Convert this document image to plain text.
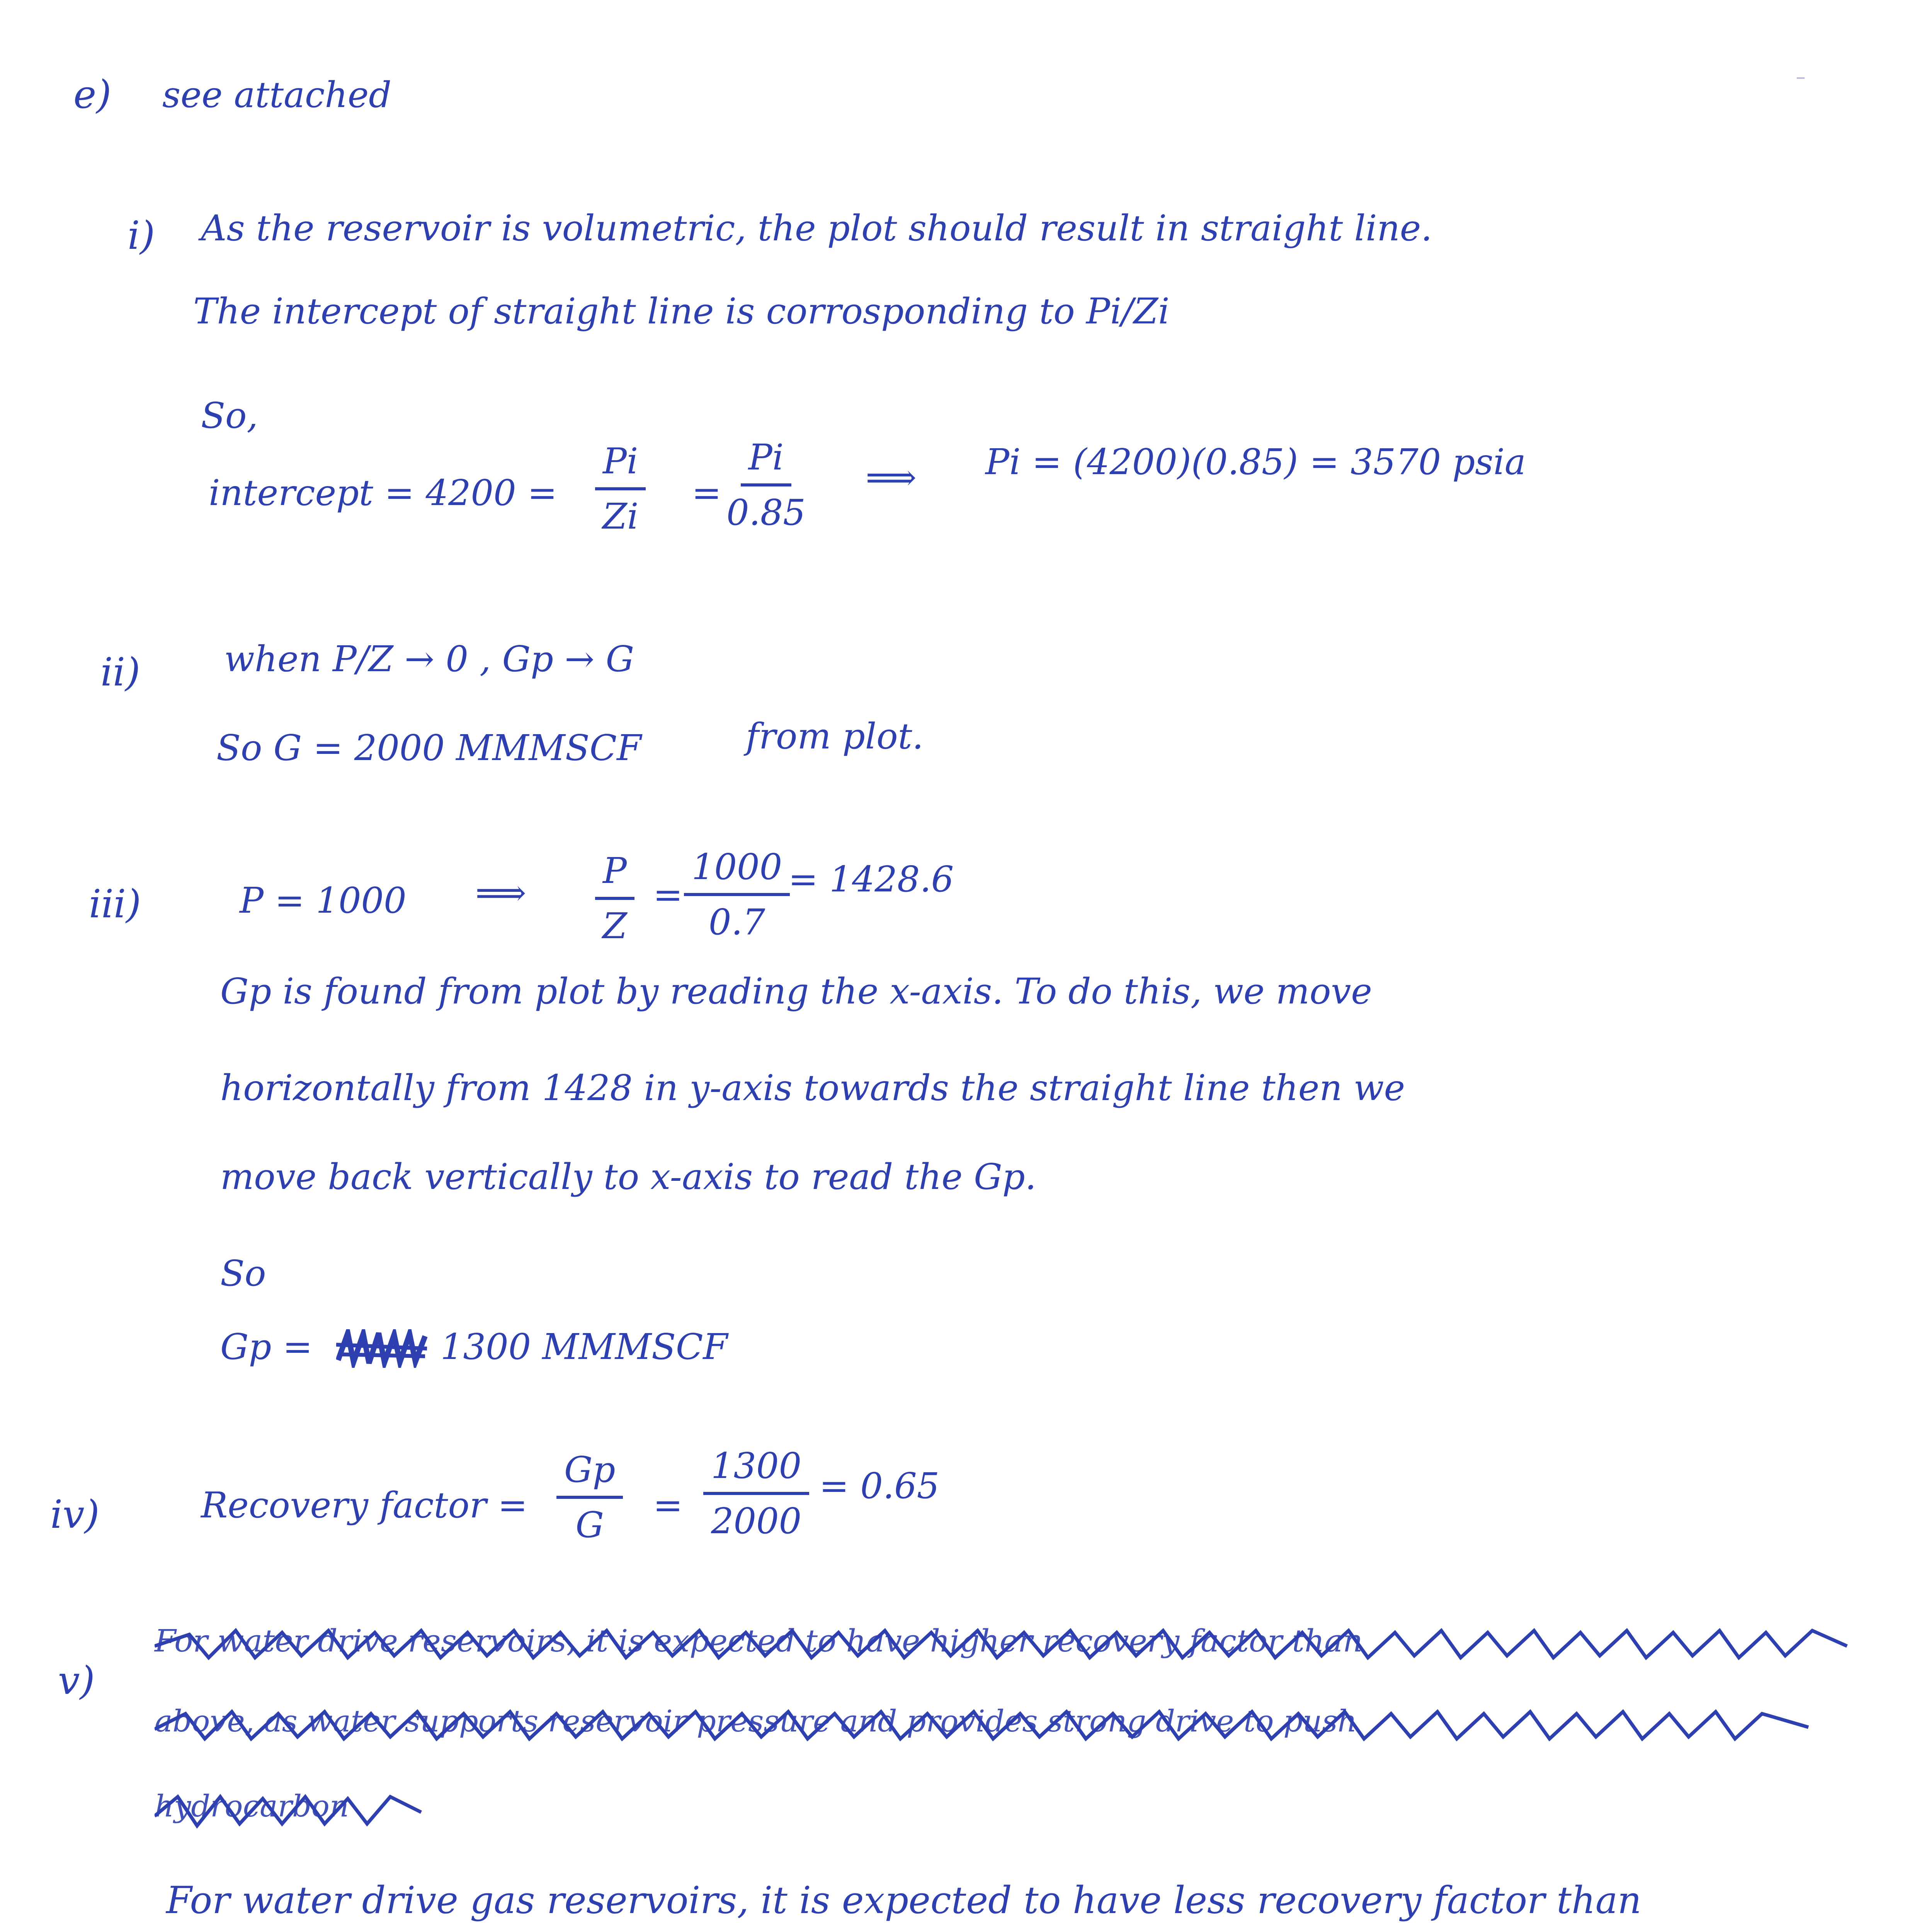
e) see attached
i) As the reservoir is volumetric, the plot should result in straight line.
The intercept of straight line is corrosponding to Pi/Zi
So,
intercept = $4200 = \frac{Pi}{Zi} = \frac{Pi}{0.85}$ ⟹ Pi = (4200)(0.85) = 3570 psia
ii) when P/Z → 0 , Gp → G
So G = 2000 MMMSCF	from plot.
iii)	P = 1000 ⟹ $\frac{P}{Z} = \frac{1000}{0.7}$
= 1428.6
Gp is found from plot by reading the x-axis. To do this, we move
horizontally from 1428 in y-axis towards the straight line then we
move back vertically to x-axis to read the Gp.
So
Gp =	1300 MMMSCF
iv)	Recovery factor = $\frac{Gp}{G} = \frac{1300}{2000} = 0.65$
v)
For water drive reservoirs, it is expected to have higher recovery factor than
above, as water supports reservoir pressure and provides strong drive to push
hydrocarbon
For water drive gas reservoirs, it is expected to have less recovery factor than
